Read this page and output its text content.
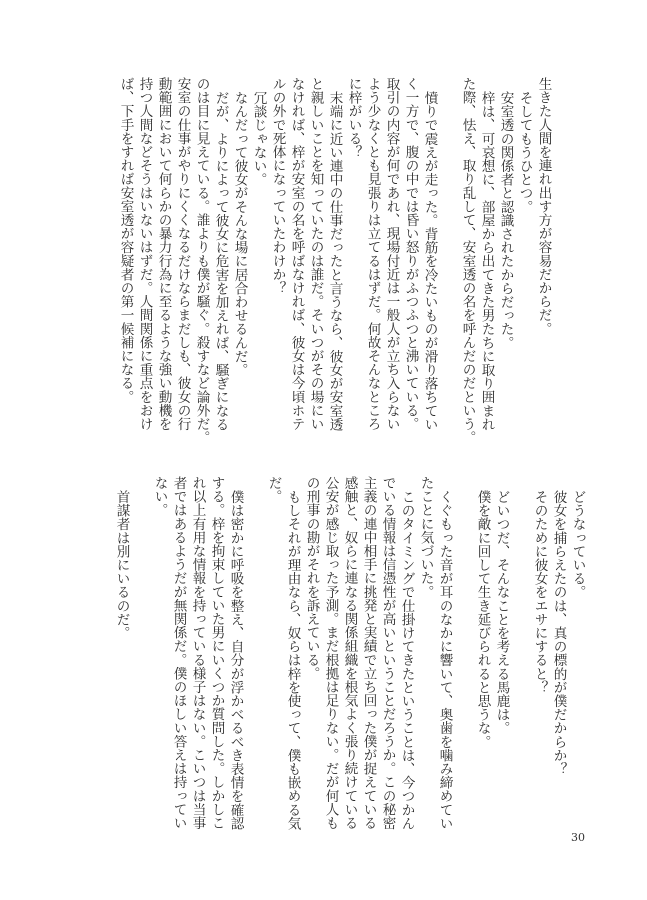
生きた人間を連れ出す方が容易だからだ。

そしてもうひとつ。

安室透の関係者と認識されたからだった。

梓は、可哀想に、部屋から出てきた男たちに取り囲まれ

た際、怯え、取り乱して、安室透の名を呼んだのだという。

憤りで震えが走った。背筋を冷たいものが滑り落ちてい

く一方で、腹の中では昏い怒りがふつふつと沸いている。

取引の内容が何であれ、現場付近は一般人が立ち入らない

よう少なくとも見張りは立てるはずだ。何故そんなところ

に梓がいる？

末端に近い連中の仕事だったと言うなら、彼女が安室透

と親しいことを知っていたのは誰だ。そいつがその場にい

なければ、梓が安室の名を呼ばなければ、彼女は今頃ホテ

ルの外で死体になっていたわけか？

冗談じゃない。

なんだって彼女がそんな場に居合わせるんだ。

だが、よりによって彼女に危害を加えれば、騒ぎになる

のは目に見えている。誰よりも僕が騒ぐ。殺すなど論外だ。

安室の仕事がやりにくくなるだけならまだしも、彼女の行

動範囲において何らかの暴力行為に至るような強い動機を

持つ人間などそうはいないはずだ。人間関係に重点をおけ

ば、下手をすれば安室透が容疑者の第一候補になる。

どうなっている。

彼女を捕らえたのは、真の標的が僕だからか？

そのために彼女をエサにすると？

どいつだ、そんなことを考える馬鹿は。

僕を敵に回して生き延びられると思うな。

くぐもった音が耳のなかに響いて、奥歯を噛み締めてい

たことに気づいた。

このタイミングで仕掛けてきたということは、今つかん

でいる情報は信憑性が高いということだろうか。この秘密

主義の連中相手に挑発と実績で立ち回った僕が捉えている

感触と、奴らに連なる関係組織を根気よく張り続けている

公安が感じ取った予測。まだ根拠は足りない。だが何人も

の刑事の勘がそれを訴えている。

もしそれが理由なら、奴らは梓を使って、僕も嵌める気

だ。

僕は密かに呼吸を整え、自分が浮かべるべき表情を確認

する。梓を拘束していた男にいくつか質問した。しかしこ

れ以上有用な情報を持っている様子はない。こいつは当事

者ではあるようだが無関係だ。僕のほしい答えは持ってい

ない。

首謀者は別にいるのだ。

30
